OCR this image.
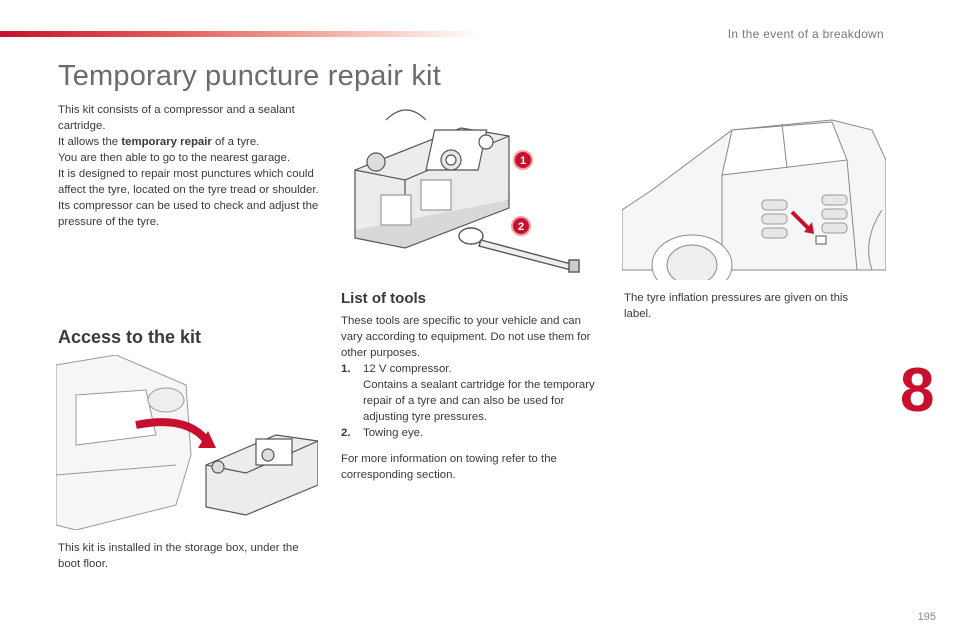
In the event of a breakdown
Temporary puncture repair kit

This kit consists of a compressor and a sealant cartridge.

It allows the temporary repair of a tyre.

You are then able to go to the nearest garage.

It is designed to repair most punctures which could affect the tyre, located on the tyre tread or shoulder.

Its compressor can be used to check and adjust the pressure of the tyre.

1
2
List of tools

These tools are specific to your vehicle and can vary according to equipment. Do not use them for other purposes.

1.	12 V compressor.
Contains a sealant cartridge for the temporary repair of a tyre and can also be used for adjusting tyre pressures.
2.	Towing eye.
For more information on towing refer to the corresponding section.
The tyre inflation pressures are given on this label.
Access to the kit
This kit is installed in the storage box, under the boot floor.
8
195
